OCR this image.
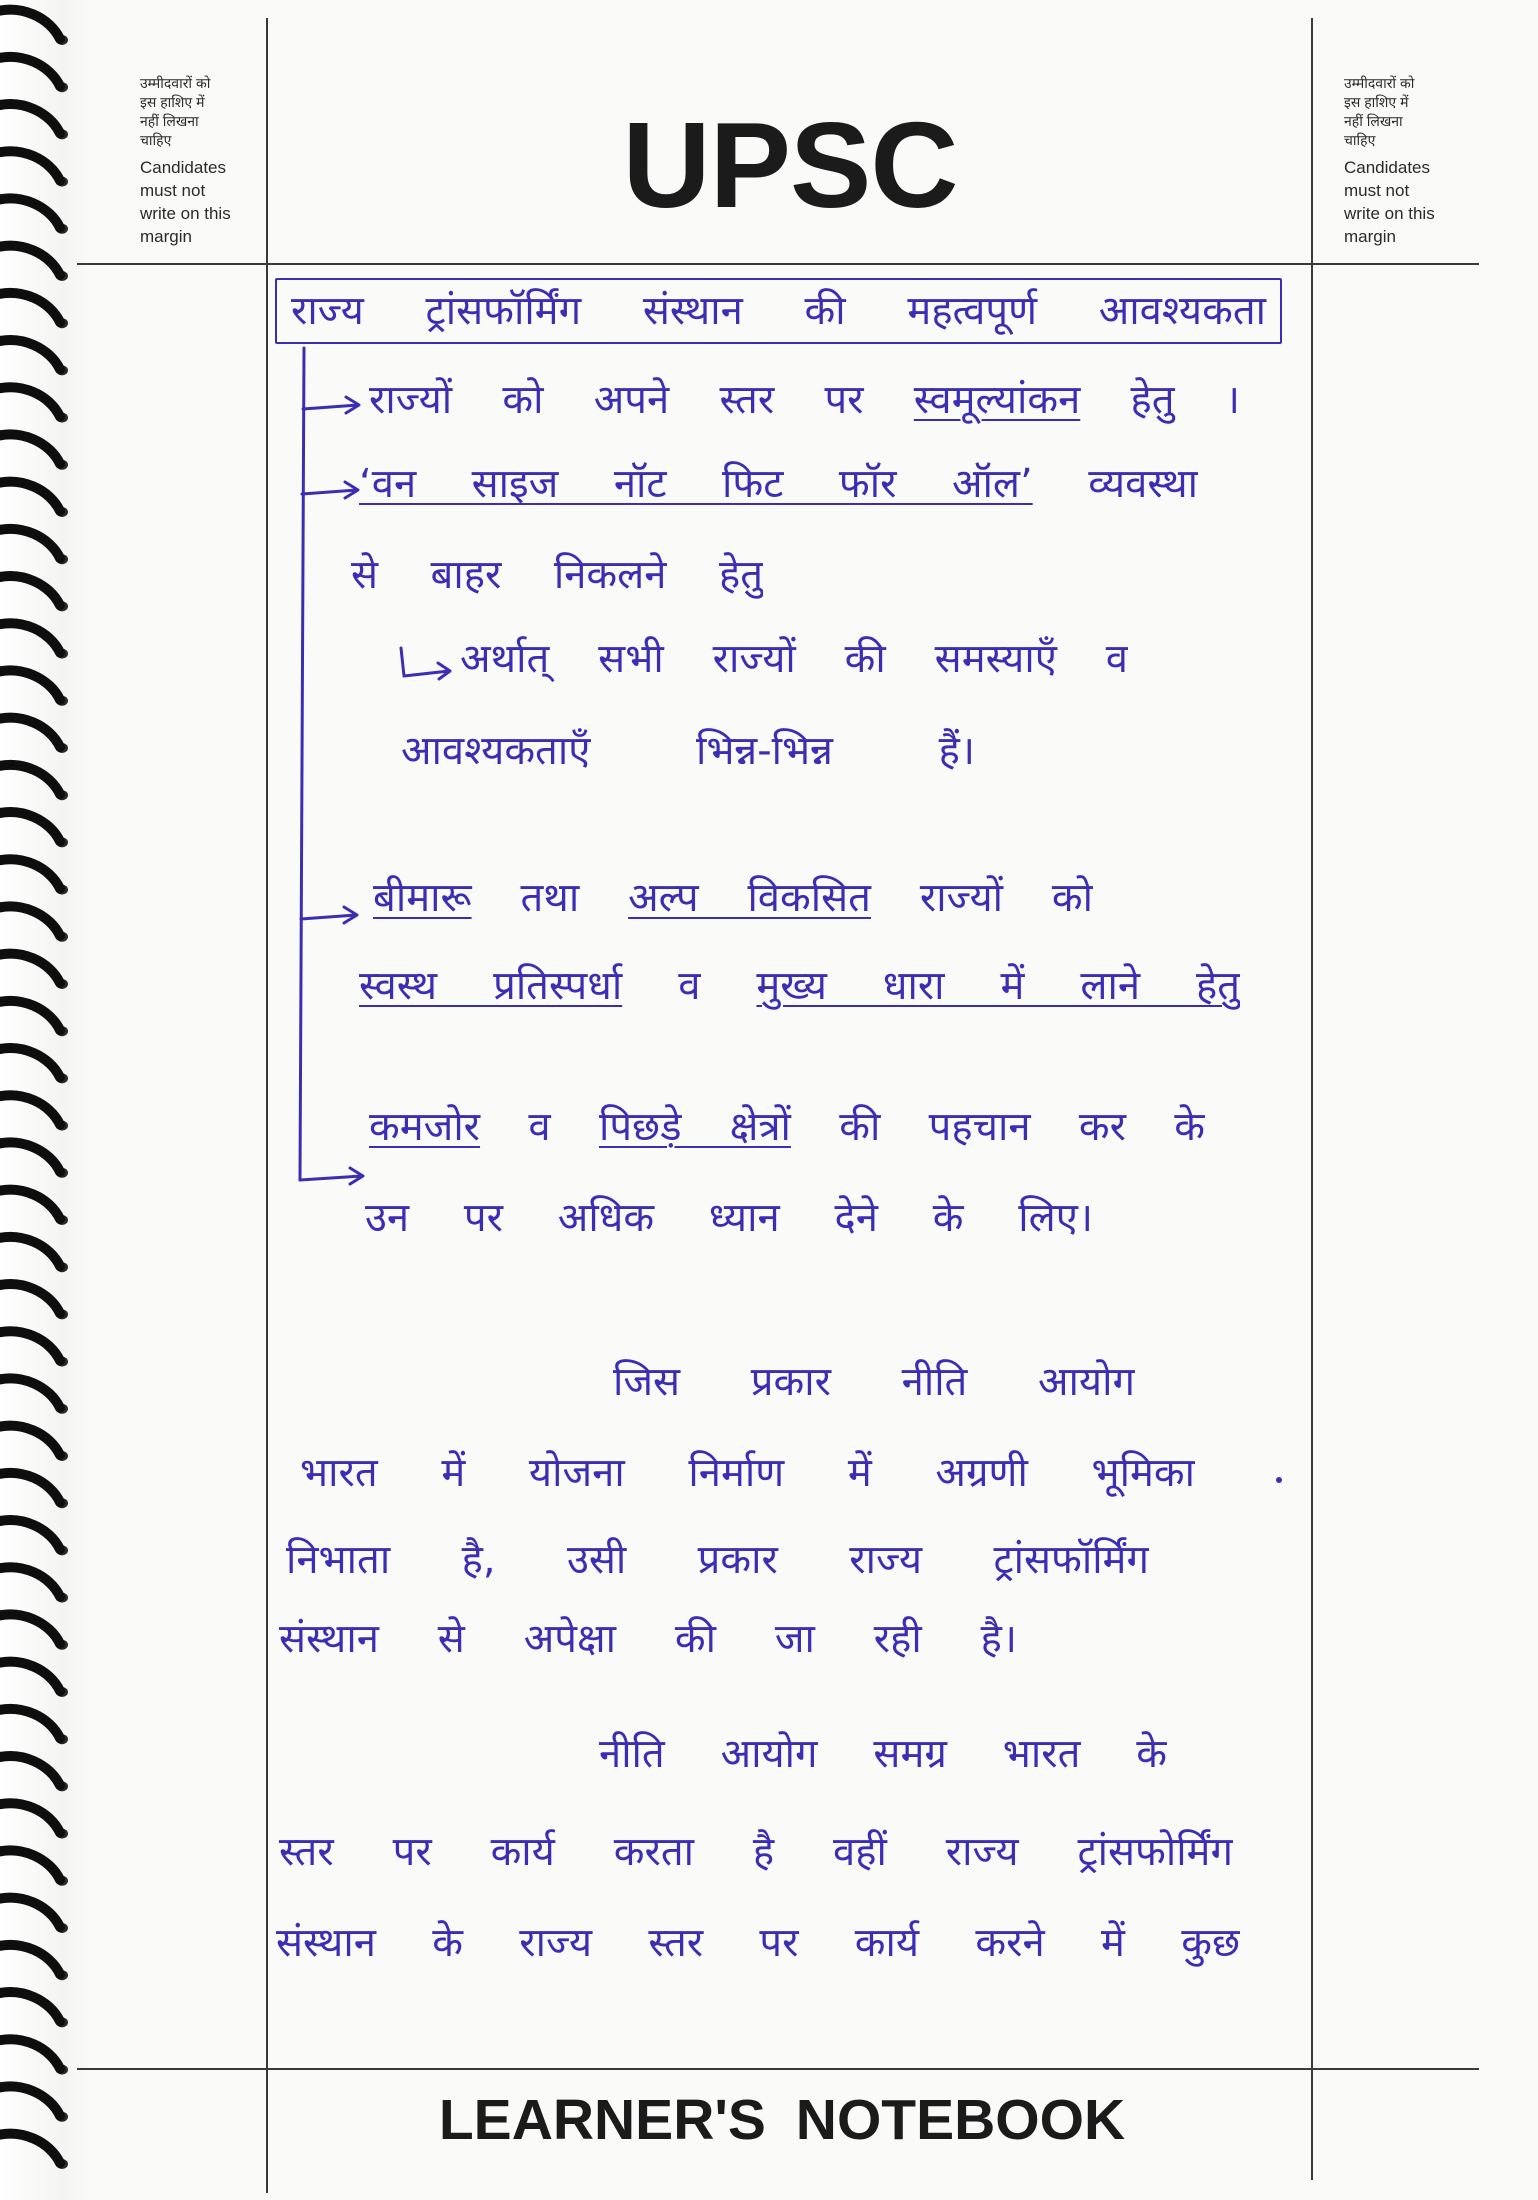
उम्मीदवारों को
इस हाशिए में
नहीं लिखना
चाहिए
Candidates
must not
write on this
margin
उम्मीदवारों को
इस हाशिए में
नहीं लिखना
चाहिए
Candidates
must not
write on this
margin
UPSC
LEARNER'S NOTEBOOK
राज्य ट्रांसफॉर्मिंग संस्थान की महत्वपूर्ण आवश्यकता
राज्यों को अपने स्तर पर स्वमूल्यांकन हेतु ।
‘वन साइज नॉट फिट फॉर ऑल’ व्यवस्था
से बाहर निकलने हेतु
अर्थात् सभी राज्यों की समस्याएँ व
आवश्यकताएँ भिन्न-भिन्न हैं।
बीमारू तथा अल्प विकसित राज्यों को
स्वस्थ प्रतिस्पर्धा व मुख्य धारा में लाने हेतु
कमजोर व पिछड़े क्षेत्रों की पहचान कर के
उन पर अधिक ध्यान देने के लिए।
जिस प्रकार नीति आयोग
भारत में योजना निर्माण में अग्रणी भूमिका
निभाता है, उसी प्रकार राज्य ट्रांसफॉर्मिंग
संस्थान से अपेक्षा की जा रही है।
नीति आयोग समग्र भारत के
स्तर पर कार्य करता है वहीं राज्य ट्रांसफोर्मिंग
संस्थान के राज्य स्तर पर कार्य करने में कुछ
